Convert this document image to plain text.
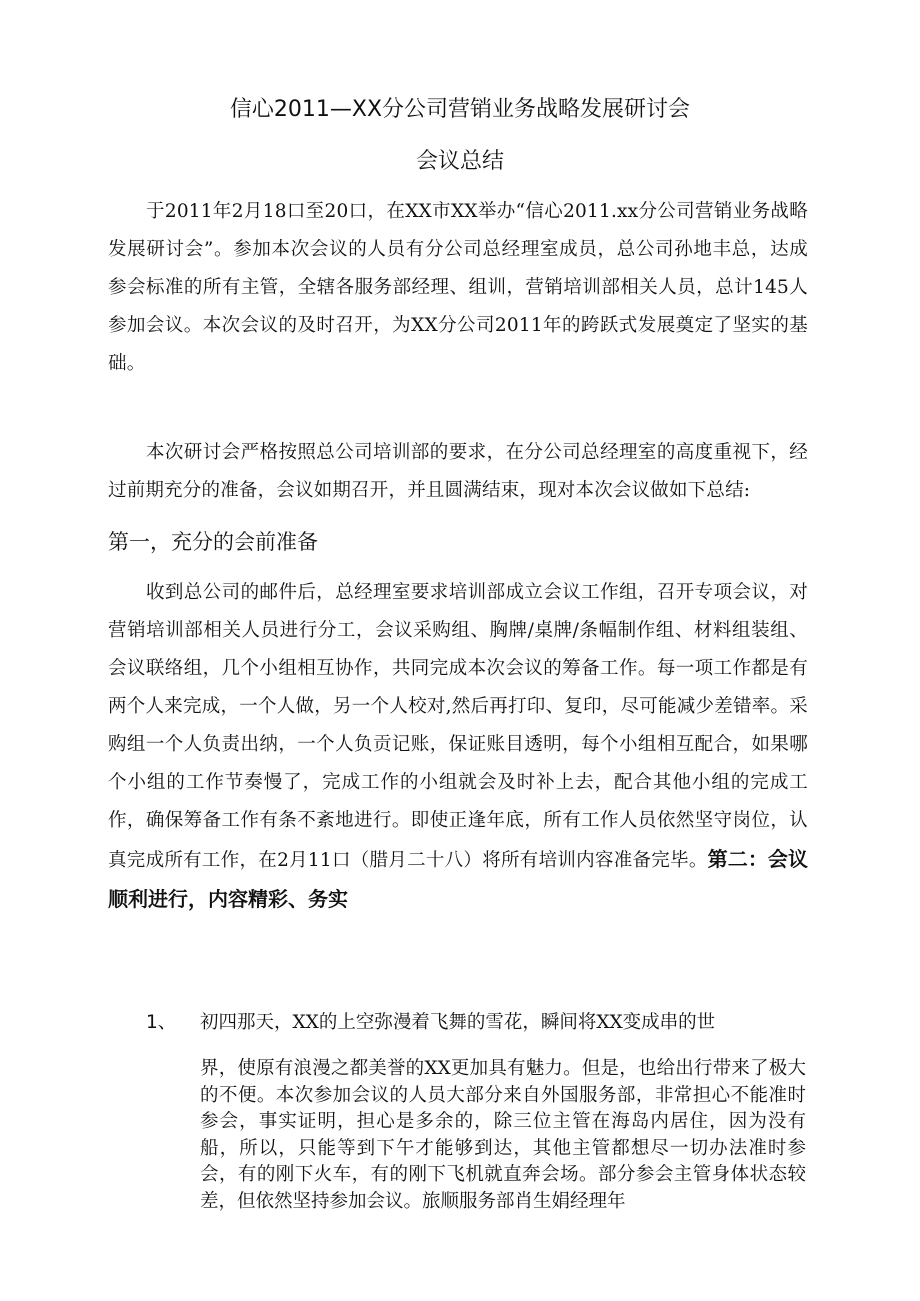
信心2011—XX分公司营销业务战略发展研讨会
会议总结

于2011年2月18口至20口，在XX市XX举办“信心2011.xx分公司营销业务战略发展研讨会”。参加本次会议的人员有分公司总经理室成员，总公司孙地丰总，达成参会标准的所有主管，全辖各服务部经理、组训，营销培训部相关人员，总计145人参加会议。本次会议的及时召开，为XX分公司2011年的跨跃式发展奠定了坚实的基础。

本次研讨会严格按照总公司培训部的要求，在分公司总经理室的高度重视下，经过前期充分的准备，会议如期召开，并且圆满结束，现对本次会议做如下总结:

第一，充分的会前准备

收到总公司的邮件后，总经理室要求培训部成立会议工作组，召开专项会议，对营销培训部相关人员进行分工，会议采购组、胸牌/桌牌/条幅制作组、材料组装组、会议联络组，几个小组相互协作，共同完成本次会议的筹备工作。每一项工作都是有两个人来完成，一个人做，另一个人校对,然后再打印、复印，尽可能减少差错率。采购组一个人负责出纳，一个人负贡记账，保证账目透明，每个小组相互配合，如果哪个小组的工作节奏慢了，完成工作的小组就会及时补上去，配合其他小组的完成工作，确保筹备工作有条不紊地进行。即使正逢年底，所有工作人员依然坚守岗位，认真完成所有工作，在2月11口（腊月二十八）将所有培训内容准备完毕。第二：会议顺利进行，内容精彩、务实

1、 初四那天，XX的上空弥漫着飞舞的雪花，瞬间将XX变成串的世

界，使原有浪漫之都美誉的XX更加具有魅力。但是，也给出行带来了极大的不便。本次参加会议的人员大部分来自外国服务部，非常担心不能准时参会，事实证明，担心是多余的，除三位主管在海岛内居住，因为没有船，所以，只能等到下午才能够到达，其他主管都想尽一切办法准时参会，有的刚下火车，有的刚下飞机就直奔会场。部分参会主管身体状态较差，但依然坚持参加会议。旅顺服务部肖生娟经理年
